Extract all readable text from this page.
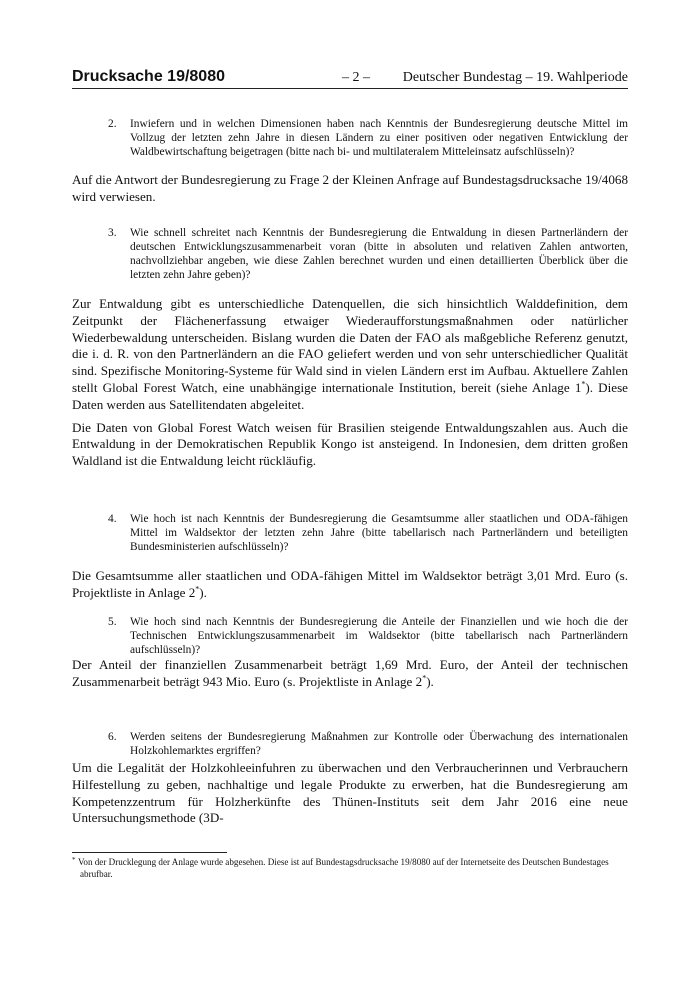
Drucksache 19/8080	– 2 – Deutscher Bundestag – 19. Wahlperiode
2. Inwiefern und in welchen Dimensionen haben nach Kenntnis der Bundesregierung deutsche Mittel im Vollzug der letzten zehn Jahre in diesen Ländern zu einer positiven oder negativen Entwicklung der Waldbewirtschaftung beigetragen (bitte nach bi- und multilateralem Mitteleinsatz aufschlüsseln)?

Auf die Antwort der Bundesregierung zu Frage 2 der Kleinen Anfrage auf Bundestagsdrucksache 19/4068 wird verwiesen.

3. Wie schnell schreitet nach Kenntnis der Bundesregierung die Entwaldung in diesen Partnerländern der deutschen Entwicklungszusammenarbeit voran (bitte in absoluten und relativen Zahlen antworten, nachvollziehbar angeben, wie diese Zahlen berechnet wurden und einen detaillierten Überblick über die letzten zehn Jahre geben)?

Zur Entwaldung gibt es unterschiedliche Datenquellen, die sich hinsichtlich Walddefinition, dem Zeitpunkt der Flächenerfassung etwaiger Wiederaufforstungsmaßnahmen oder natürlicher Wiederbewaldung unterscheiden. Bislang wurden die Daten der FAO als maßgebliche Referenz genutzt, die i. d. R. von den Partnerländern an die FAO geliefert werden und von sehr unterschiedlicher Qualität sind. Spezifische Monitoring-Systeme für Wald sind in vielen Ländern erst im Aufbau. Aktuellere Zahlen stellt Global Forest Watch, eine unabhängige internationale Institution, bereit (siehe Anlage 1*). Diese Daten werden aus Satellitendaten abgeleitet.

Die Daten von Global Forest Watch weisen für Brasilien steigende Entwaldungszahlen aus. Auch die Entwaldung in der Demokratischen Republik Kongo ist ansteigend. In Indonesien, dem dritten großen Waldland ist die Entwaldung leicht rückläufig.

4. Wie hoch ist nach Kenntnis der Bundesregierung die Gesamtsumme aller staatlichen und ODA-fähigen Mittel im Waldsektor der letzten zehn Jahre (bitte tabellarisch nach Partnerländern und beteiligten Bundesministerien aufschlüsseln)?

Die Gesamtsumme aller staatlichen und ODA-fähigen Mittel im Waldsektor beträgt 3,01 Mrd. Euro (s. Projektliste in Anlage 2*).

5. Wie hoch sind nach Kenntnis der Bundesregierung die Anteile der Finanziellen und wie hoch die der Technischen Entwicklungszusammenarbeit im Waldsektor (bitte tabellarisch nach Partnerländern aufschlüsseln)?

Der Anteil der finanziellen Zusammenarbeit beträgt 1,69 Mrd. Euro, der Anteil der technischen Zusammenarbeit beträgt 943 Mio. Euro (s. Projektliste in Anlage 2*).

6. Werden seitens der Bundesregierung Maßnahmen zur Kontrolle oder Überwachung des internationalen Holzkohlemarktes ergriffen?

Um die Legalität der Holzkohleeinfuhren zu überwachen und den Verbraucherinnen und Verbrauchern Hilfestellung zu geben, nachhaltige und legale Produkte zu erwerben, hat die Bundesregierung am Kompetenzzentrum für Holzherkünfte des Thünen-Instituts seit dem Jahr 2016 eine neue Untersuchungsmethode (3D-

* Von der Drucklegung der Anlage wurde abgesehen. Diese ist auf Bundestagsdrucksache 19/8080 auf der Internetseite des Deutschen Bundestages abrufbar.
